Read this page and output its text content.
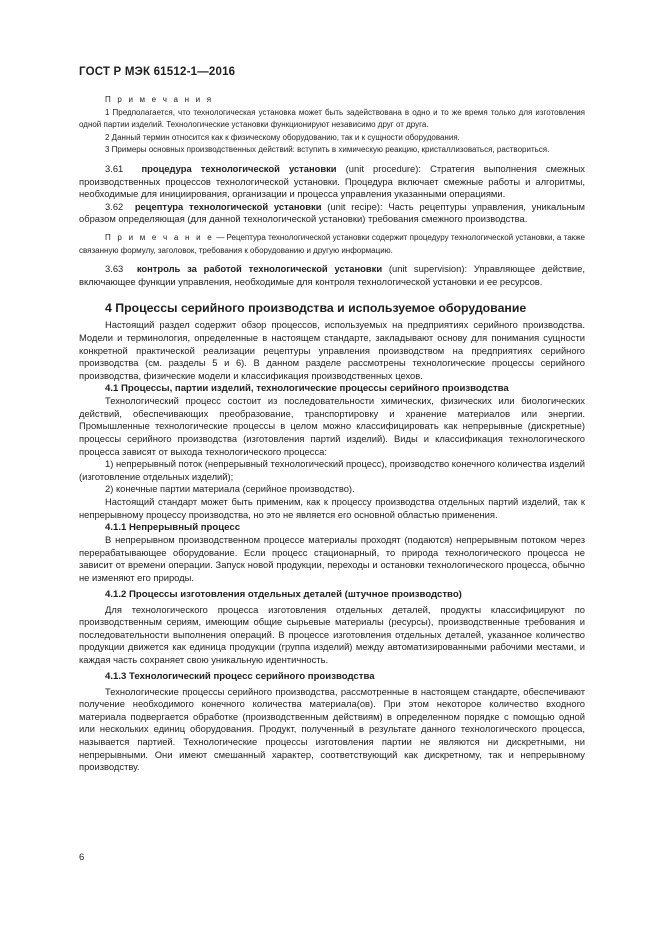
ГОСТ Р МЭК 61512-1—2016

П р и м е ч а н и я

1 Предполагается, что технологическая установка может быть задействована в одно и то же время только для изготовления одной партии изделий. Технологические установки функционируют независимо друг от друга.

2 Данный термин относится как к физическому оборудованию, так и к сущности оборудования.

3 Примеры основных производственных действий: вступить в химическую реакцию, кристаллизоваться, раствориться.

3.61 процедура технологической установки (unit procedure): Стратегия выполнения смежных производственных процессов технологической установки. Процедура включает смежные работы и алгоритмы, необходимые для инициирования, организации и процесса управления указанными операциями.

3.62 рецептура технологической установки (unit recipe): Часть рецептуры управления, уникальным образом определяющая (для данной технологической установки) требования смежного производства.

П р и м е ч а н и е — Рецептура технологической установки содержит процедуру технологической установки, а также связанную формулу, заголовок, требования к оборудованию и другую информацию.

3.63 контроль за работой технологической установки (unit supervision): Управляющее действие, включающее функции управления, необходимые для контроля технологической установки и ее ресурсов.

4 Процессы серийного производства и используемое оборудование

Настоящий раздел содержит обзор процессов, используемых на предприятиях серийного производства. Модели и терминология, определенные в настоящем стандарте, закладывают основу для понимания сущности конкретной практической реализации рецептуры управления производством на предприятиях серийного производства (см. разделы 5 и 6). В данном разделе рассмотрены технологические процессы серийного производства, физические модели и классификация производственных цехов.

4.1 Процессы, партии изделий, технологические процессы серийного производства

Технологический процесс состоит из последовательности химических, физических или биологических действий, обеспечивающих преобразование, транспортировку и хранение материалов или энергии. Промышленные технологические процессы в целом можно классифицировать как непрерывные (дискретные) процессы серийного производства (изготовления партий изделий). Виды и классификация технологического процесса зависят от выхода технологического процесса:

1) непрерывный поток (непрерывный технологический процесс), производство конечного количества изделий (изготовление отдельных изделий);

2) конечные партии материала (серийное производство).

Настоящий стандарт может быть применим, как к процессу производства отдельных партий изделий, так к непрерывному процессу производства, но это не является его основной областью применения.

4.1.1 Непрерывный процесс

В непрерывном производственном процессе материалы проходят (подаются) непрерывным потоком через перерабатывающее оборудование. Если процесс стационарный, то природа технологического процесса не зависит от времени операции. Запуск новой продукции, переходы и остановки технологического процесса, обычно не изменяют его природы.

4.1.2 Процессы изготовления отдельных деталей (штучное производство)

Для технологического процесса изготовления отдельных деталей, продукты классифицируют по производственным сериям, имеющим общие сырьевые материалы (ресурсы), производственные требования и последовательности выполнения операций. В процессе изготовления отдельных деталей, указанное количество продукции движется как единица продукции (группа изделий) между автоматизированными рабочими местами, и каждая часть сохраняет свою уникальную идентичность.

4.1.3 Технологический процесс серийного производства

Технологические процессы серийного производства, рассмотренные в настоящем стандарте, обеспечивают получение необходимого конечного количества материала(ов). При этом некоторое количество входного материала подвергается обработке (производственным действиям) в определенном порядке с помощью одной или нескольких единиц оборудования. Продукт, полученный в результате данного технологического процесса, называется партией. Технологические процессы изготовления партии не являются ни дискретными, ни непрерывными. Они имеют смешанный характер, соответствующий как дискретному, так и непрерывному производству.

6
